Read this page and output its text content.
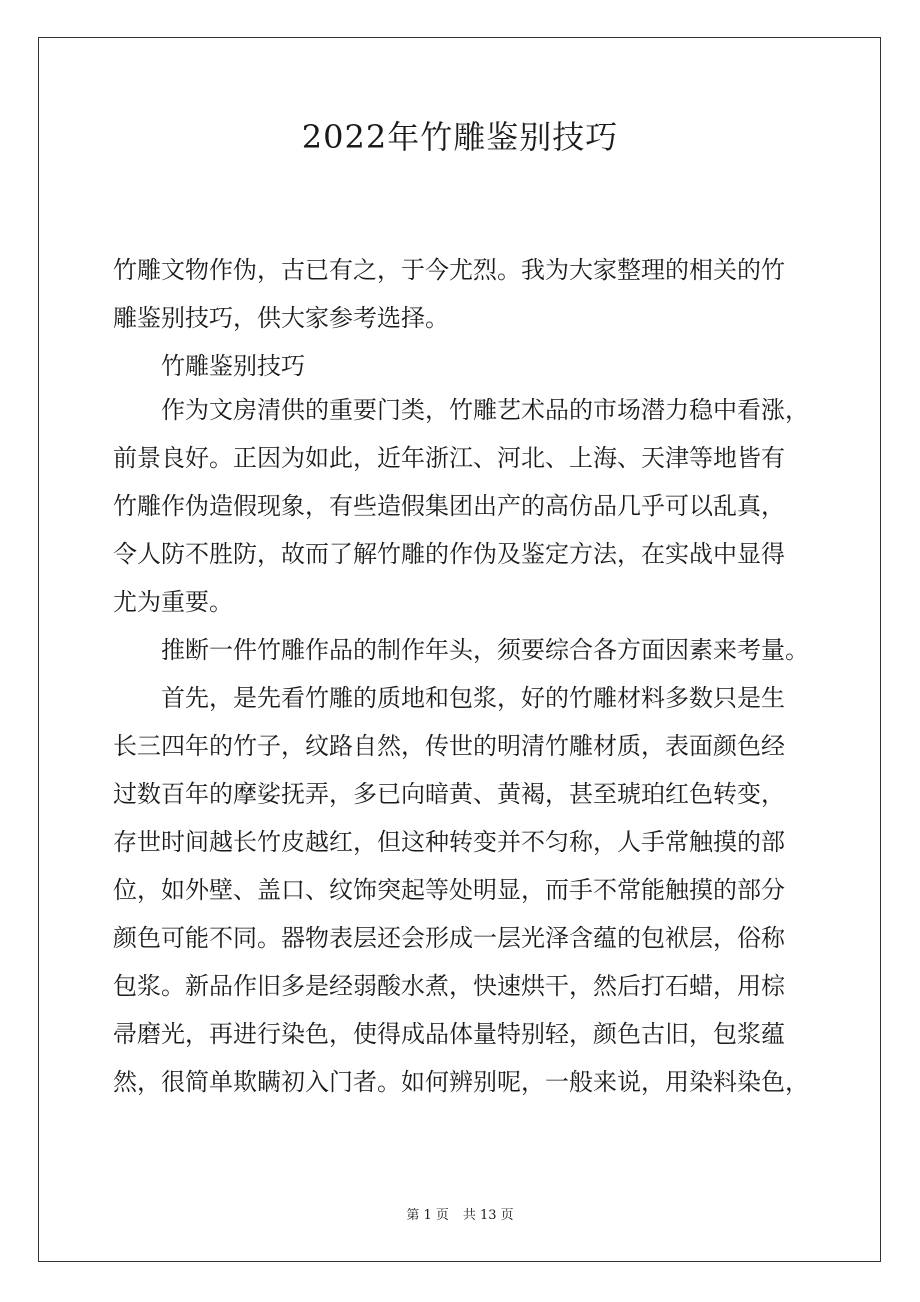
2022年竹雕鉴别技巧
竹雕文物作伪，古已有之，于今尤烈。我为大家整理的相关的竹
雕鉴别技巧，供大家参考选择。
竹雕鉴别技巧
作为文房清供的重要门类，竹雕艺术品的市场潜力稳中看涨，
前景良好。正因为如此，近年浙江、河北、上海、天津等地皆有
竹雕作伪造假现象，有些造假集团出产的高仿品几乎可以乱真，
令人防不胜防，故而了解竹雕的作伪及鉴定方法，在实战中显得
尤为重要。
推断一件竹雕作品的制作年头，须要综合各方面因素来考量。
首先，是先看竹雕的质地和包浆，好的竹雕材料多数只是生
长三四年的竹子，纹路自然，传世的明清竹雕材质，表面颜色经
过数百年的摩娑抚弄，多已向暗黄、黄褐，甚至琥珀红色转变，
存世时间越长竹皮越红，但这种转变并不匀称，人手常触摸的部
位，如外壁、盖口、纹饰突起等处明显，而手不常能触摸的部分
颜色可能不同。器物表层还会形成一层光泽含蕴的包袱层，俗称
包浆。新品作旧多是经弱酸水煮，快速烘干，然后打石蜡，用棕
帚磨光，再进行染色，使得成品体量特别轻，颜色古旧，包浆蕴
然，很简单欺瞒初入门者。如何辨别呢，一般来说，用染料染色，
第 1 页 共 13 页
